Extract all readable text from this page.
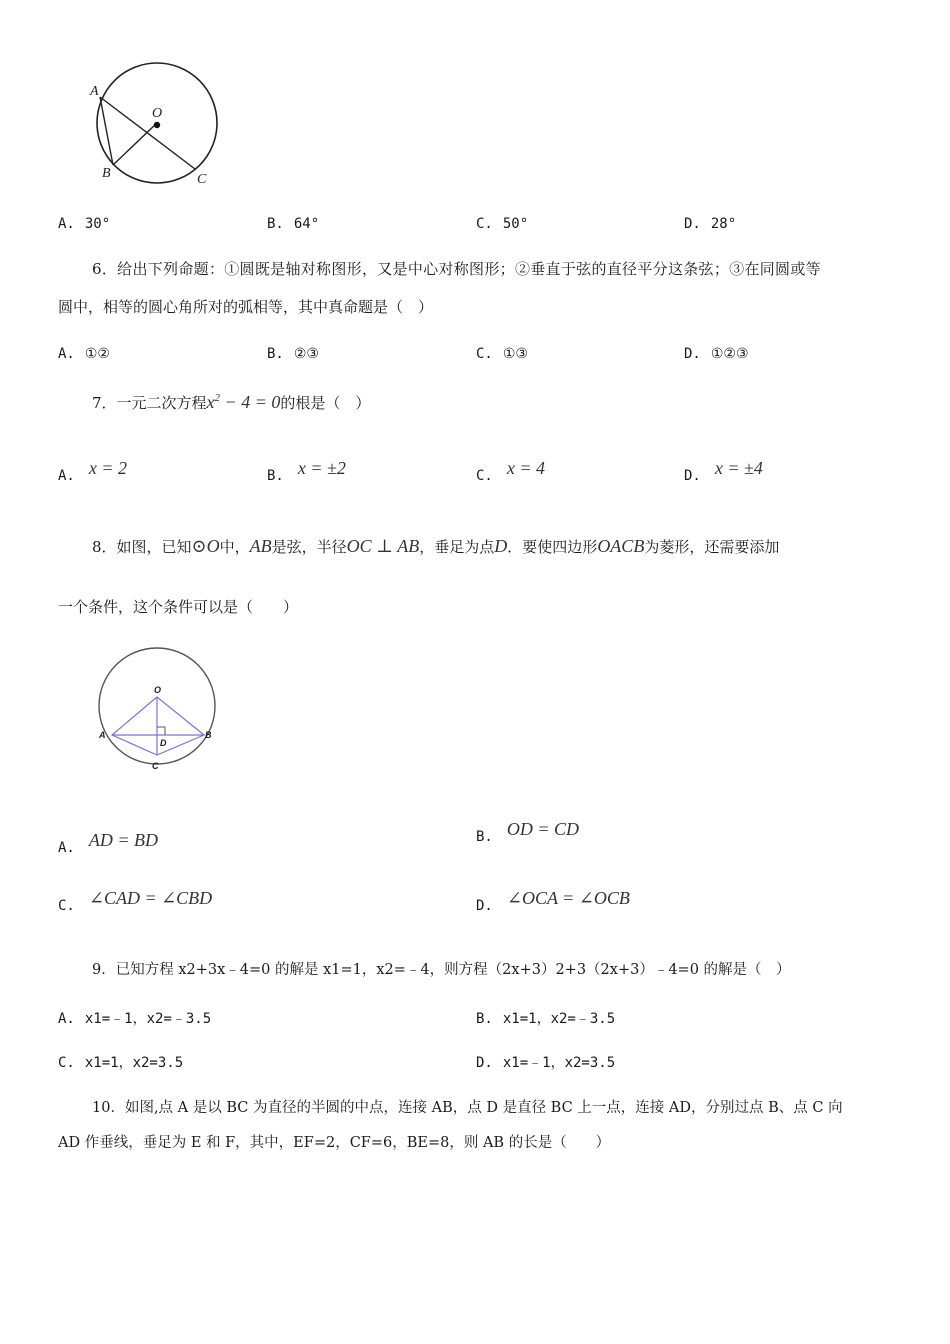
A
O
B	C
A. 30°	B. 64°	C. 50°	D. 28°
6．给出下列命题：①圆既是轴对称图形，又是中心对称图形；②垂直于弦的直径平分这条弦；③在同圆或等
圆中，相等的圆心角所对的弧相等，其中真命题是（　）
A. ①②	B. ②③	C. ①③	D. ①②③
7．一元二次方程$x^2 - 4 = 0$的根是（　）
A. x = 2	B. x = ±2	C. x = 4	D. x = ±4
8．如图，已知⊙O中，AB是弦，半径OC ⊥ AB，垂足为点D．要使四边形OACB为菱形，还需要添加
一个条件，这个条件可以是（　　）
O
A
D
B
C
A. AD = BD	B. OD = CD
C. ∠CAD = ∠CBD	D. ∠OCA = ∠OCB
9．已知方程 x2+3x﹣4=0 的解是 x1=1，x2=﹣4，则方程（2x+3）2+3（2x+3）﹣4=0 的解是（　）
A. x1=﹣1，x2=﹣3.5	B. x1=1，x2=﹣3.5
C. x1=1，x2=3.5	D. x1=﹣1，x2=3.5
10．如图,点 A 是以 BC 为直径的半圆的中点，连接 AB，点 D 是直径 BC 上一点，连接 AD，分别过点 B、点 C 向
AD 作垂线，垂足为 E 和 F，其中，EF=2，CF=6，BE=8，则 AB 的长是（　　）
